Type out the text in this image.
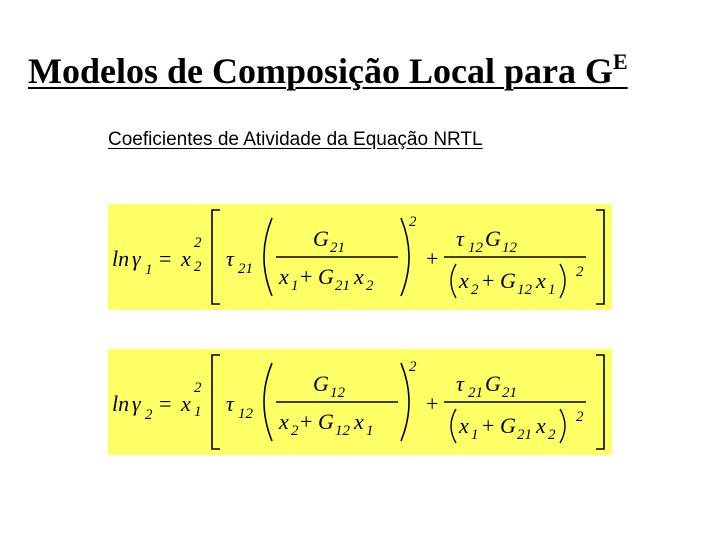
Modelos de Composição Local para $G^E$
Coeficientes de Atividade da Equação NRTL
ln γ 1 = x
2
2 τ 21
G 21
x 1 + G 21 x 2
2
+
τ 12 G 12
x 2 + G 12 x 1
2
ln γ 2 = x
2
1 τ 12
G 12
x 2 + G 12 x 1
2
+
τ 21 G 21
x 1 + G 21 x 2
2
